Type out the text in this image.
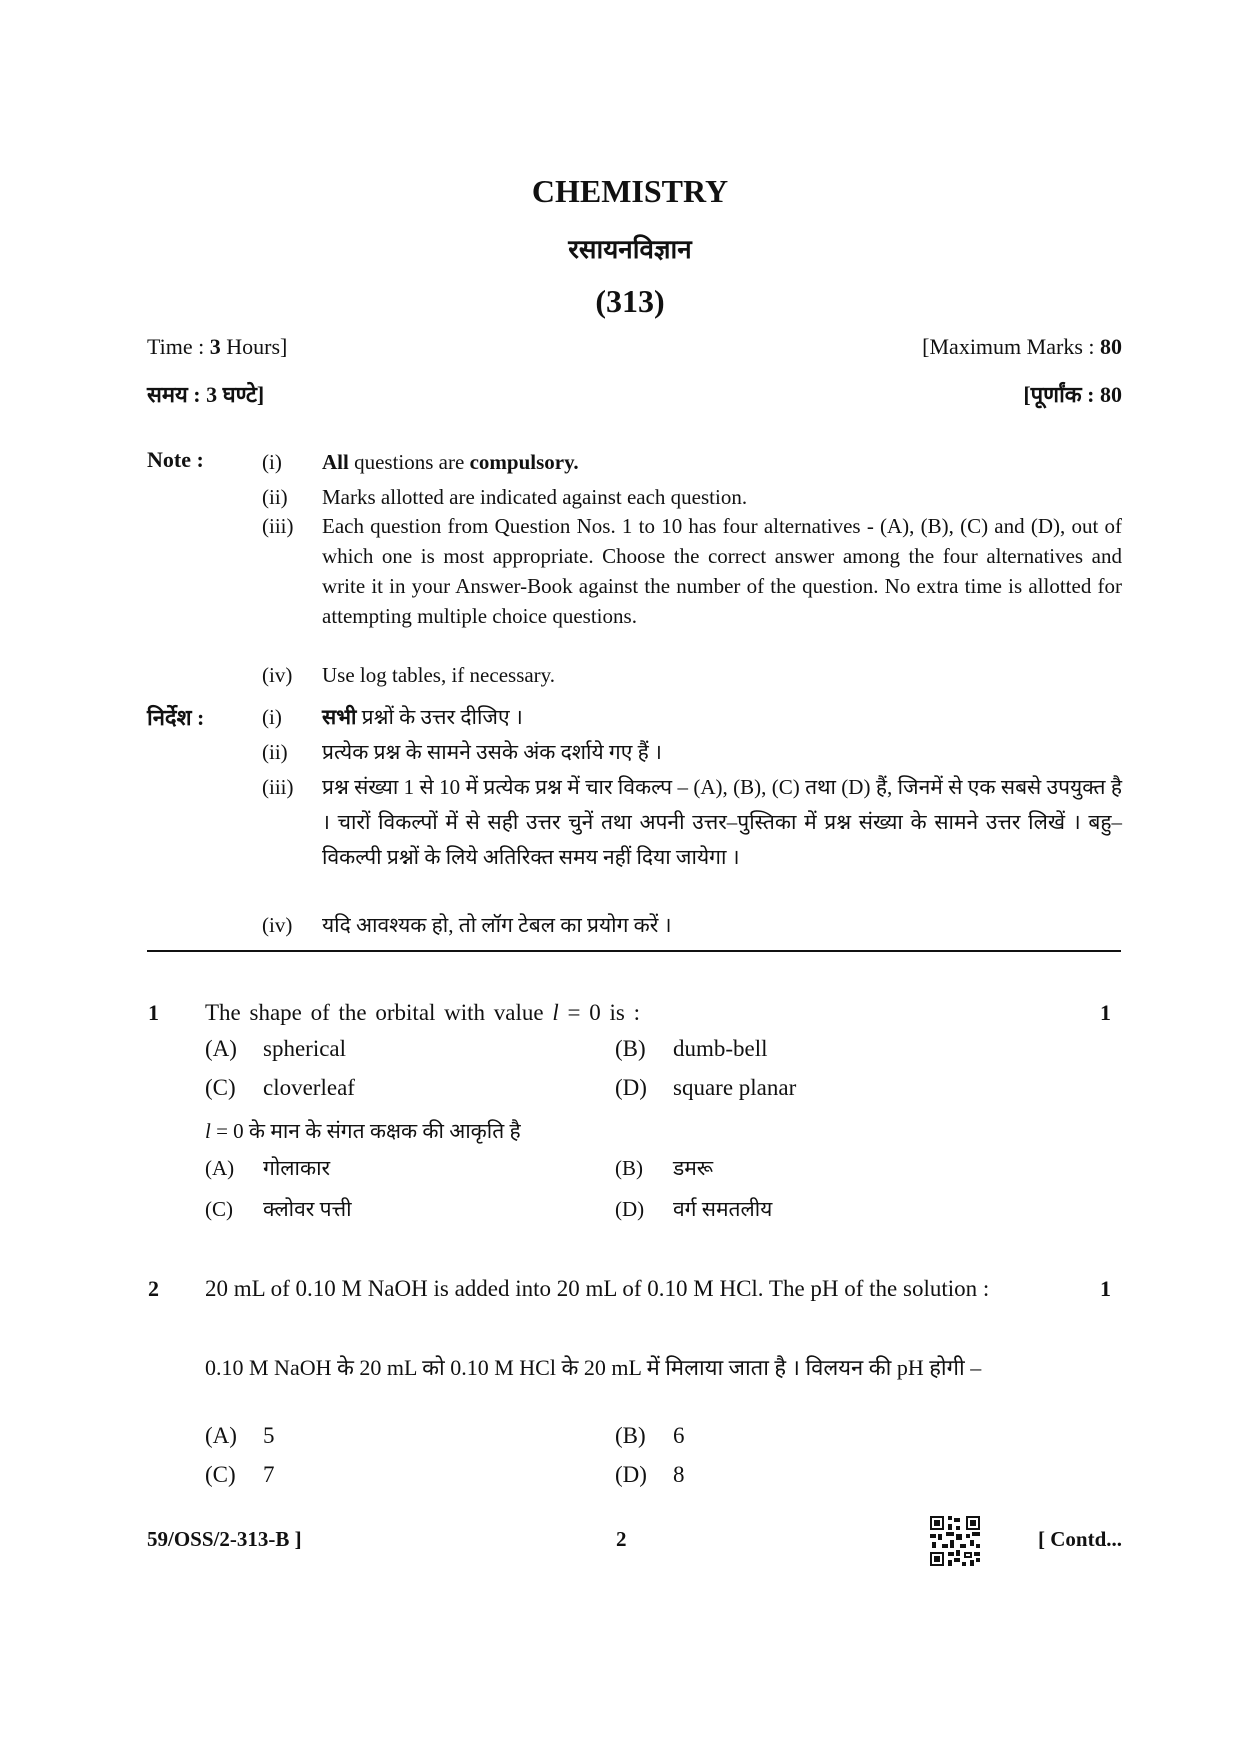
CHEMISTRY
रसायनविज्ञान
(313)
Time : 3 Hours]	[Maximum Marks : 80
समय : 3 घण्टे]	[पूर्णांक : 80
Note :	(i)	All questions are compulsory.
(ii)	Marks allotted are indicated against each question.
(iii)	Each question from Question Nos. 1 to 10 has four alternatives - (A), (B), (C) and (D), out of which one is most appropriate. Choose the correct answer among the four alternatives and write it in your Answer-Book against the number of the question. No extra time is allotted for attempting multiple choice questions.
(iv)	Use log tables, if necessary.
निर्देश :	(i)	सभी प्रश्नों के उत्तर दीजिए ।
(ii)	प्रत्येक प्रश्न के सामने उसके अंक दर्शाये गए हैं ।
(iii)	प्रश्न संख्या 1 से 10 में प्रत्येक प्रश्न में चार विकल्प – (A), (B), (C) तथा (D) हैं, जिनमें से एक सबसे उपयुक्त है । चारों विकल्पों में से सही उत्तर चुनें तथा अपनी उत्तर–पुस्तिका में प्रश्न संख्या के सामने उत्तर लिखें । बहु–विकल्पी प्रश्नों के लिये अतिरिक्त समय नहीं दिया जायेगा ।
(iv)	यदि आवश्यक हो, तो लॉग टेबल का प्रयोग करें ।
1	1
The shape of the orbital with value l = 0 is :
(A) spherical	(B) dumb-bell
(C) cloverleaf	(D) square planar
l = 0 के मान के संगत कक्षक की आकृति है
(A) गोलाकार	(B) डमरू
(C) क्लोवर पत्ती	(D) वर्ग समतलीय
2	1
20 mL of 0.10 M NaOH is added into 20 mL of 0.10 M HCl. The pH of the solution :
0.10 M NaOH के 20 mL को 0.10 M HCl के 20 mL में मिलाया जाता है । विलयन की pH होगी –
(A) 5	(B) 6
(C) 7	(D) 8
59/OSS/2-313-B ]	2	[ Contd...
